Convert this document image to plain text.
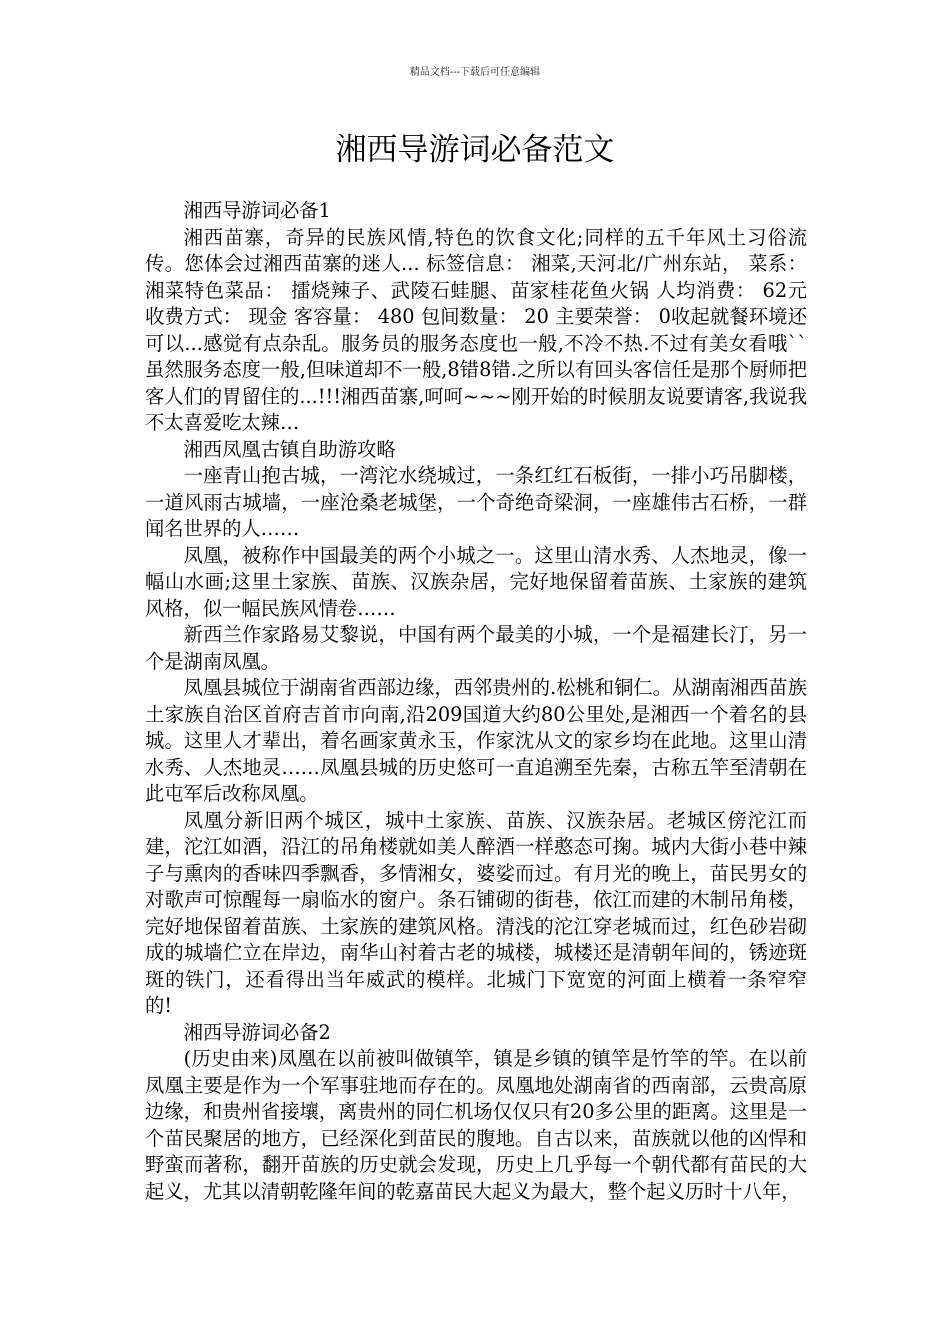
精品文档---下载后可任意编辑
湘西导游词必备范文

湘西导游词必备1

湘西苗寨，奇异的民族风情,特色的饮食文化;同样的五千年风土习俗流传。您体会过湘西苗寨的迷人... 标签信息： 湘菜,天河北/广州东站， 菜系： 湘菜特色菜品： 擂烧辣子、武陵石蛙腿、苗家桂花鱼火锅 人均消费： 62元 收费方式： 现金 客容量： 480 包间数量： 20 主要荣誉： 0收起就餐环境还可以...感觉有点杂乱。服务员的服务态度也一般,不冷不热.不过有美女看哦``虽然服务态度一般,但味道却不一般,8错8错.之所以有回头客信任是那个厨师把客人们的胃留住的...!!!湘西苗寨,呵呵~~~刚开始的时候朋友说要请客,我说我不太喜爱吃太辣…

湘西凤凰古镇自助游攻略

一座青山抱古城，一湾沱水绕城过，一条红红石板街，一排小巧吊脚楼，一道风雨古城墙，一座沧桑老城堡，一个奇绝奇梁洞，一座雄伟古石桥，一群闻名世界的人……

凤凰，被称作中国最美的两个小城之一。这里山清水秀、人杰地灵，像一幅山水画;这里土家族、苗族、汉族杂居，完好地保留着苗族、土家族的建筑风格，似一幅民族风情卷……

新西兰作家路易艾黎说，中国有两个最美的小城，一个是福建长汀，另一个是湖南凤凰。

凤凰县城位于湖南省西部边缘，西邻贵州的.松桃和铜仁。从湖南湘西苗族土家族自治区首府吉首市向南,沿209国道大约80公里处,是湘西一个着名的县城。这里人才辈出，着名画家黄永玉，作家沈从文的家乡均在此地。这里山清水秀、人杰地灵……凤凰县城的历史悠可一直追溯至先秦，古称五竿至清朝在此屯军后改称凤凰。

凤凰分新旧两个城区，城中土家族、苗族、汉族杂居。老城区傍沱江而建，沱江如酒，沿江的吊角楼就如美人醉酒一样憨态可掬。城内大街小巷中辣子与熏肉的香味四季飘香，多情湘女，婆娑而过。有月光的晚上，苗民男女的对歌声可惊醒每一扇临水的窗户。条石铺砌的街巷，依江而建的木制吊角楼，完好地保留着苗族、土家族的建筑风格。清浅的沱江穿老城而过，红色砂岩砌成的城墙伫立在岸边，南华山衬着古老的城楼，城楼还是清朝年间的，锈迹斑斑的铁门，还看得出当年威武的模样。北城门下宽宽的河面上横着一条窄窄的!

湘西导游词必备2

(历史由来)凤凰在以前被叫做镇竿，镇是乡镇的镇竿是竹竿的竿。在以前凤凰主要是作为一个军事驻地而存在的。凤凰地处湖南省的西南部，云贵高原边缘，和贵州省接壤，离贵州的同仁机场仅仅只有20多公里的距离。这里是一个苗民聚居的地方，已经深化到苗民的腹地。自古以来，苗族就以他的凶悍和野蛮而著称，翻开苗族的历史就会发现，历史上几乎每一个朝代都有苗民的大起义，尤其以清朝乾隆年间的乾嘉苗民大起义为最大，整个起义历时十八年，
